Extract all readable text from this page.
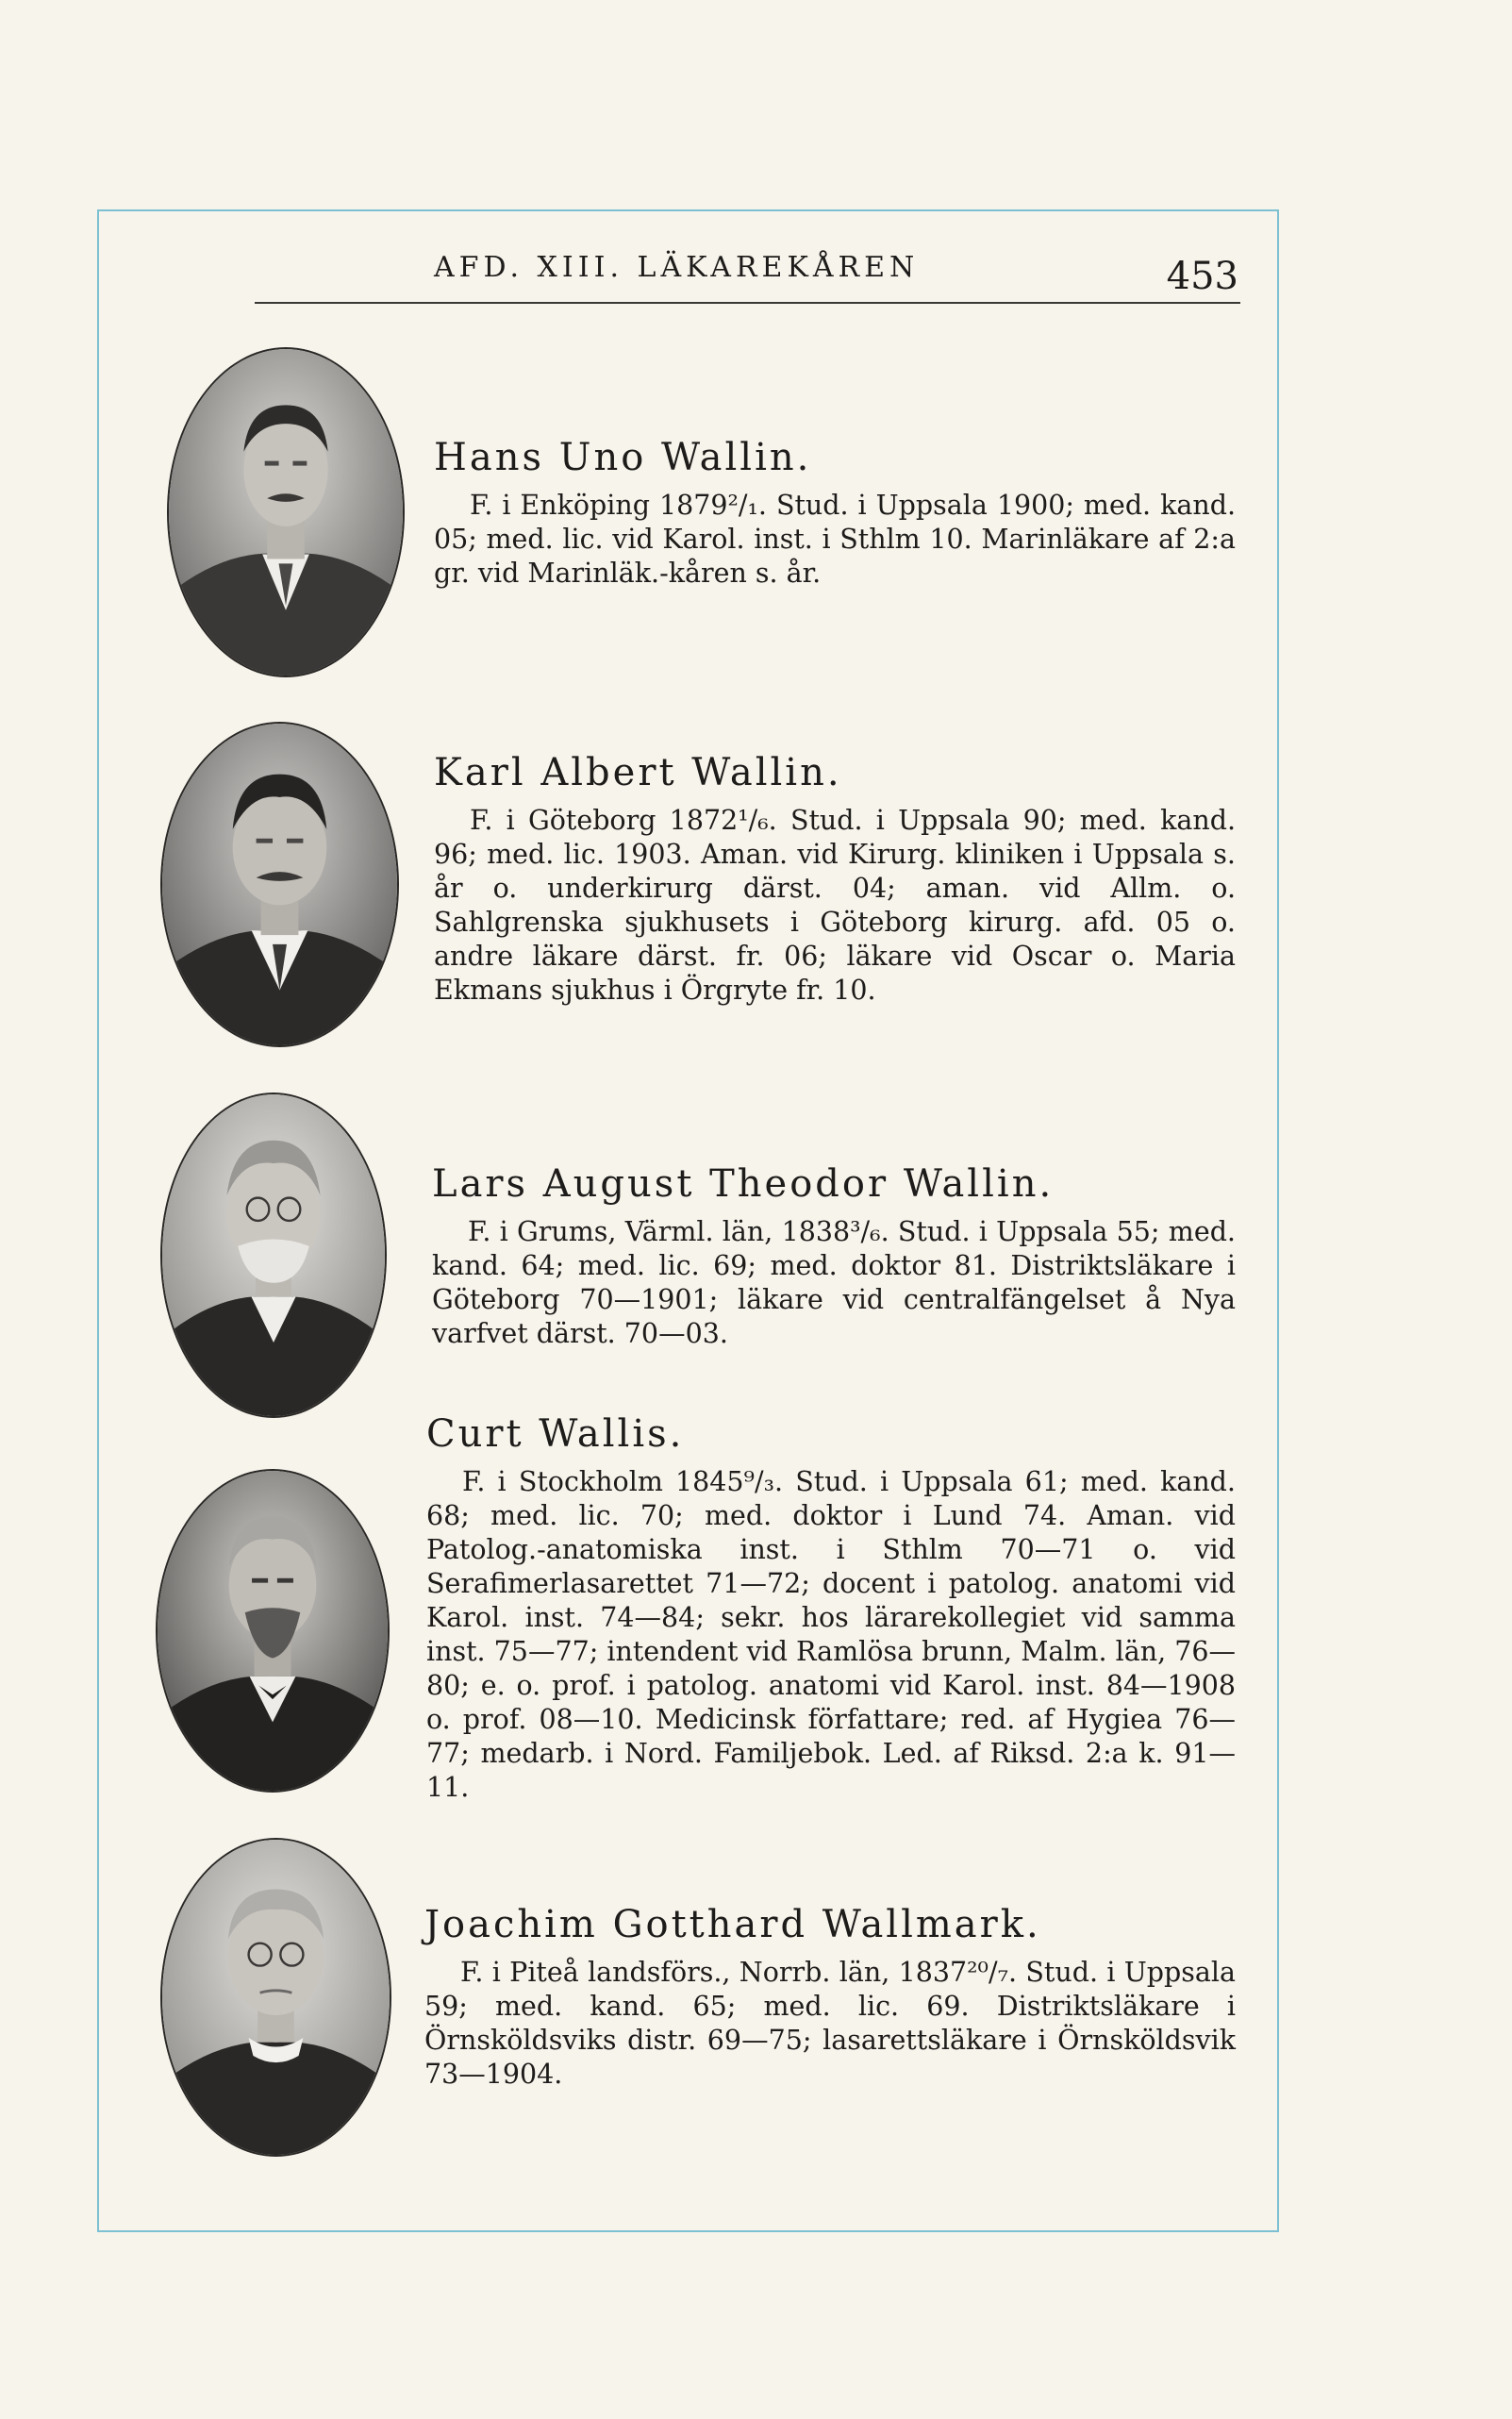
AFD. XIII. LÄKAREKÅREN	453
Hans Uno Wallin.

F. i Enköping 1879²/₁. Stud. i Uppsala 1900; med. kand. 05; med. lic. vid Karol. inst. i Sthlm 10. Marinläkare af 2:a gr. vid Marinläk.-kåren s. år.

Karl Albert Wallin.

F. i Göteborg 1872¹/₆. Stud. i Uppsala 90; med. kand. 96; med. lic. 1903. Aman. vid Kirurg. kliniken i Uppsala s. år o. underkirurg därst. 04; aman. vid Allm. o. Sahlgrenska sjukhusets i Göteborg kirurg. afd. 05 o. andre läkare därst. fr. 06; läkare vid Oscar o. Maria Ekmans sjukhus i Örgryte fr. 10.

Lars August Theodor Wallin.

F. i Grums, Värml. län, 1838³/₆. Stud. i Uppsala 55; med. kand. 64; med. lic. 69; med. doktor 81. Distriktsläkare i Göteborg 70—1901; läkare vid centralfängelset å Nya varfvet därst. 70—03.

Curt Wallis.

F. i Stockholm 1845⁹/₃. Stud. i Uppsala 61; med. kand. 68; med. lic. 70; med. doktor i Lund 74. Aman. vid Patolog.-anatomiska inst. i Sthlm 70—71 o. vid Serafimerlasarettet 71—72; docent i patolog. anatomi vid Karol. inst. 74—84; sekr. hos lärarekollegiet vid samma inst. 75—77; intendent vid Ramlösa brunn, Malm. län, 76—80; e. o. prof. i patolog. anatomi vid Karol. inst. 84—1908 o. prof. 08—10. Medicinsk författare; red. af Hygiea 76—77; medarb. i Nord. Familjebok. Led. af Riksd. 2:a k. 91—11.

Joachim Gotthard Wallmark.

F. i Piteå landsförs., Norrb. län, 1837²⁰/₇. Stud. i Uppsala 59; med. kand. 65; med. lic. 69. Distriktsläkare i Örnsköldsviks distr. 69—75; lasarettsläkare i Örnsköldsvik 73—1904.
